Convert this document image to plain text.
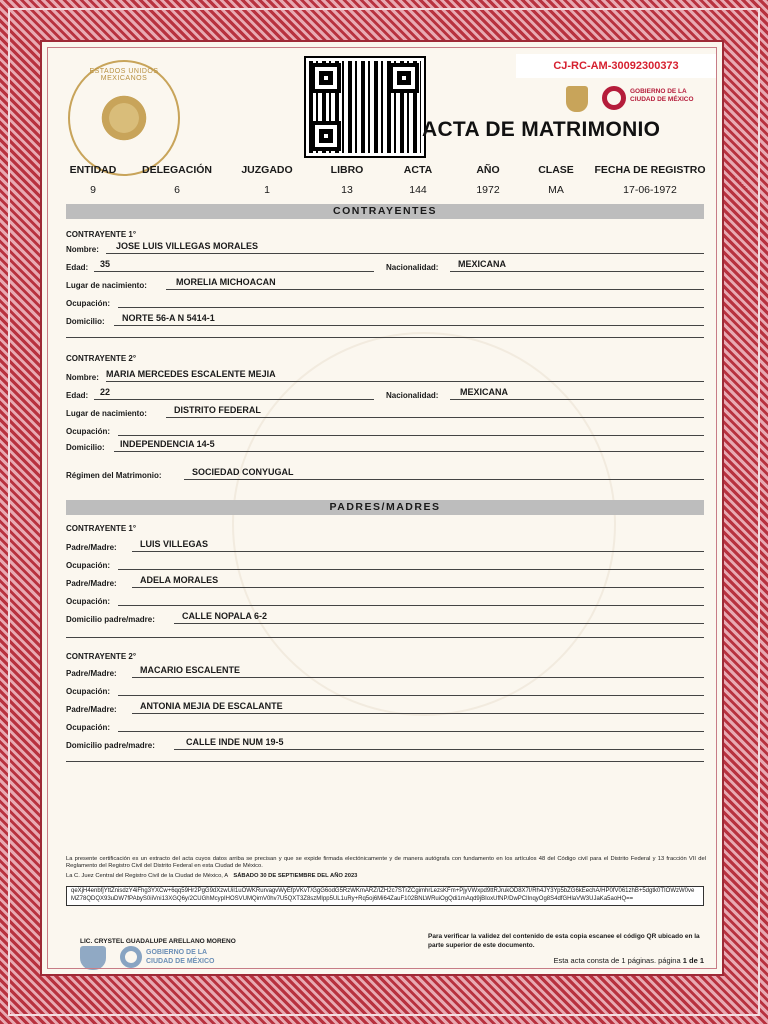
ESTADOS UNIDOS MEXICANOS
CJ-RC-AM-30092300373
GOBIERNO DE LA
CIUDAD DE MÉXICO
ACTA DE MATRIMONIO
ENTIDAD	DELEGACIÓN	JUZGADO	LIBRO	ACTA	AÑO	CLASE	FECHA DE REGISTRO
9	6	1	13	144	1972	MA	17-06-1972
CONTRAYENTES
CONTRAYENTE 1°
Nombre: JOSE LUIS VILLEGAS MORALES
Edad: 35	Nacionalidad: MEXICANA
Lugar de nacimiento:	MORELIA MICHOACAN
Ocupación:
Domicilio: NORTE 56-A N 5414-1
CONTRAYENTE 2°
Nombre: MARIA MERCEDES ESCALENTE MEJIA
Edad: 22	Nacionalidad: MEXICANA
Lugar de nacimiento:	DISTRITO FEDERAL
Ocupación:
Domicilio: INDEPENDENCIA 14-5
Régimen del Matrimonio:	SOCIEDAD CONYUGAL
PADRES/MADRES
CONTRAYENTE 1°
Padre/Madre:	LUIS VILLEGAS
Ocupación:
Padre/Madre:	ADELA MORALES
Ocupación:
Domicilio padre/madre:	CALLE NOPALA 6-2
CONTRAYENTE 2°
Padre/Madre:	MACARIO ESCALENTE
Ocupación:
Padre/Madre:	ANTONIA MEJIA DE ESCALANTE
Ocupación:
Domicilio padre/madre:	CALLE INDE NUM 19-5
La presente certificación es un extracto del acta cuyos datos arriba se precisan y que se expide firmada electónicamente y de manera autógrafa con fundamento en los artículos 48 del Código civil para el Distrito Federal y 13 fracción VII del Reglamento del Registro Civil del Distrito Federal en esta Ciudad de México.
La C. Juez Central del Registro Civil de la Ciudad de México, A SÁBADO 30 DE SEPTIEMBRE DEL AÑO 2023
qeXjH4enbfjYttZnisdzY4iFhg3YXCw+6qq59Hr2PgG9dXzwUiI1uOWKRurvagvWyEfpVKvT/GgG6odG5RzWKmARZ/IZH2c7STrZCgimhrLezsKFm+PjyVWxpd9ttRJrukOD8X7I/Rh4JY3Yp5bZG6kEechA/HP0fV061zhB+5dgtk0TIOWzW0veMZ78QDQX93uDW7fPAbyS0iiVni13XGQ6y/2CUGhMcypIHOSVUMQimV0hv7U5QXT3Z8szMIpp5UL1uRy+Rq5oj6Mi64ZauF102BNLWRuiOgQdi1mAqd9jBIoxUfNP/DwPClInqyOg8S4dfGHlaVW3UJaKa5aoHQ==
LIC. CRYSTEL GUADALUPE ARELLANO MORENO
GOBIERNO DE LA
CIUDAD DE MÉXICO
Para verificar la validez del contenido de esta copia escanee el código QR ubicado en la parte superior de este documento.
Esta acta consta de 1 páginas. página 1 de 1
